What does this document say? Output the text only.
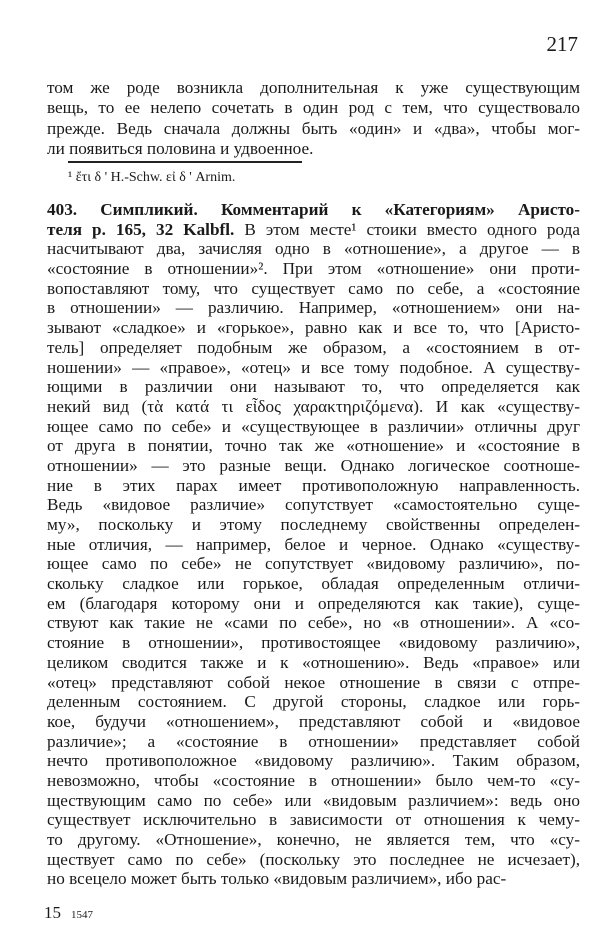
217
том же роде возникла дополнительная к уже существующим
вещь, то ее нелепо сочетать в один род с тем, что существовало
прежде. Ведь сначала должны быть «один» и «два», чтобы мог-
ли появиться половина и удвоенное.
¹ ἔτι δ ' H.-Schw. εἰ δ ' Arnim.
403. Симпликий. Комментарий к «Категориям» Аристо-
теля р. 165, 32 Kalbfl. В этом месте¹ стоики вместо одного рода
насчитывают два, зачисляя одно в «отношение», а другое — в
«состояние в отношении»². При этом «отношение» они проти-
вопоставляют тому, что существует само по себе, а «состояние
в отношении» — различию. Например, «отношением» они на-
зывают «сладкое» и «горькое», равно как и все то, что [Аристо-
тель] определяет подобным же образом, а «состоянием в от-
ношении» — «правое», «отец» и все тому подобное. А существу-
ющими в различии они называют то, что определяется как
некий вид (τὰ κατά τι εἶδος χαρακτηριζόμενα). И как «существу-
ющее само по себе» и «существующее в различии» отличны друг
от друга в понятии, точно так же «отношение» и «состояние в
отношении» — это разные вещи. Однако логическое соотноше-
ние в этих парах имеет противоположную направленность.
Ведь «видовое различие» сопутствует «самостоятельно суще-
му», поскольку и этому последнему свойственны определен-
ные отличия, — например, белое и черное. Однако «существу-
ющее само по себе» не сопутствует «видовому различию», по-
скольку сладкое или горькое, обладая определенным отличи-
ем (благодаря которому они и определяются как такие), суще-
ствуют как такие не «сами по себе», но «в отношении». А «со-
стояние в отношении», противостоящее «видовому различию»,
целиком сводится также и к «отношению». Ведь «правое» или
«отец» представляют собой некое отношение в связи с отпре-
деленным состоянием. С другой стороны, сладкое или горь-
кое, будучи «отношением», представляют собой и «видовое
различие»; а «состояние в отношении» представляет собой
нечто противоположное «видовому различию». Таким образом,
невозможно, чтобы «состояние в отношении» было чем-то «су-
ществующим само по себе» или «видовым различием»: ведь оно
существует исключительно в зависимости от отношения к чему-
то другому. «Отношение», конечно, не является тем, что «су-
ществует само по себе» (поскольку это последнее не исчезает),
но всецело может быть только «видовым различием», ибо рас-
15 1547
